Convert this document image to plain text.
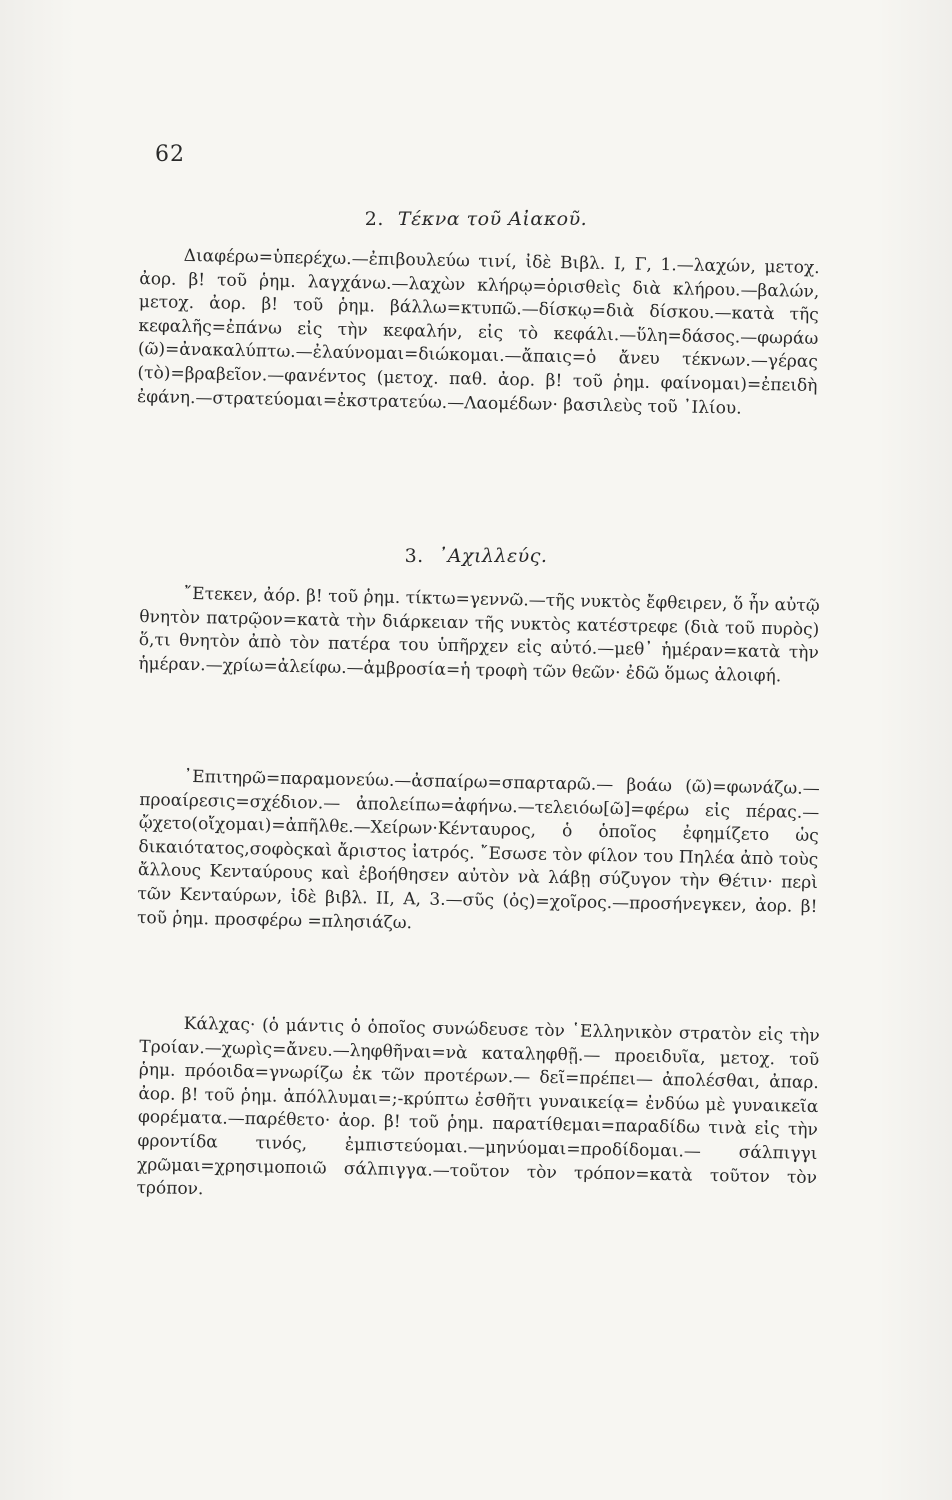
62
2. Τέκνα τοῦ Αἰακοῦ.
Διαφέρω=ὑπερέχω.—ἐπιβουλεύω τινί, ἰδὲ Βιβλ. Ι, Γ, 1.—λαχών, μετοχ. ἀορ. β! τοῦ ῥημ. λαγχάνω.—λαχὼν κλήρῳ=ὁρισθεὶς διὰ κλήρου.—βαλών, μετοχ. ἀορ. β! τοῦ ῥημ. βάλλω=κτυπῶ.—δίσκῳ=διὰ δίσκου.—κατὰ τῆς κεφαλῆς=ἐπάνω εἰς τὴν κεφαλήν, εἰς τὸ κεφάλι.—ὕλη=δάσος.—φωράω (ῶ)=ἀνακαλύπτω.—ἐλαύνομαι=διώκομαι.—ἄπαις=ὁ ἄνευ τέκνων.—γέρας (τὸ)=βραβεῖον.—φανέντος (μετοχ. παθ. ἀορ. β! τοῦ ῥημ. φαίνομαι)=ἐπειδὴ ἐφάνη.—στρατεύομαι=ἐκστρατεύω.—Λαομέδων· βασιλεὺς τοῦ ᾿Ιλίου.
3. ᾿Αχιλλεύς.
῎Ετεκεν, ἀόρ. β! τοῦ ῥημ. τίκτω=γεννῶ.—τῆς νυκτὸς ἔφθειρεν, ὅ ἦν αὐτῷ θνητὸν πατρῷον=κατὰ τὴν διάρκειαν τῆς νυκτὸς κατέστρεφε (διὰ τοῦ πυρὸς) ὅ,τι θνητὸν ἀπὸ τὸν πατέρα του ὑπῆρχεν εἰς αὐτό.—μεθ᾿ ἡμέραν=κατὰ τὴν ἡμέραν.—χρίω=ἀλείφω.—ἀμβροσία=ἡ τροφὴ τῶν θεῶν· ἐδῶ ὅμως ἀλοιφή.
᾿Επιτηρῶ=παραμονεύω.—ἀσπαίρω=σπαρταρῶ.— βοάω (ῶ)=φωνάζω.— προαίρεσις=σχέδιον.— ἀπολείπω=ἀφήνω.—τελειόω[ῶ]=φέρω εἰς πέρας.—ᾤχετο(οἴχομαι)=ἀπῆλθε.—Χείρων·Κένταυρος, ὁ ὁποῖος ἐφημίζετο ὡς δικαιότατος,σοφὸςκαὶ ἄριστος ἰατρός. ῎Εσωσε τὸν φίλον του Πηλέα ἀπὸ τοὺς ἄλλους Κενταύρους καὶ ἐβοήθησεν αὐτὸν νὰ λάβῃ σύζυγον τὴν Θέτιν· περὶ τῶν Κενταύρων, ἰδὲ βιβλ. ΙΙ, Α, 3.—σῦς (ὀς)=χοῖρος.—προσήνεγκεν, ἀορ. β! τοῦ ῥημ. προσφέρω =πλησιάζω.
Κάλχας· (ὁ μάντις ὁ ὁποῖος συνώδευσε τὸν ῾Ελληνικὸν στρατὸν εἰς τὴν Τροίαν.—χωρὶς=ἄνευ.—ληφθῆναι=νὰ καταληφθῇ.— προειδυῖα, μετοχ. τοῦ ῥημ. πρόοιδα=γνωρίζω ἐκ τῶν προτέρων.— δεῖ=πρέπει— ἀπολέσθαι, ἀπαρ. ἀορ. β! τοῦ ῥημ. ἀπόλλυμαι=;-κρύπτω ἐσθῆτι γυναικείᾳ= ἐνδύω μὲ γυναικεῖα φορέματα.—παρέθετο· ἀορ. β! τοῦ ῥημ. παρατίθεμαι=παραδίδω τινὰ εἰς τὴν φροντίδα τινός, ἐμπιστεύομαι.—μηνύομαι=προδίδομαι.— σάλπιγγι χρῶμαι=χρησιμοποιῶ σάλπιγγα.—τοῦτον τὸν τρόπον=κατὰ τοῦτον τὸν τρόπον.
